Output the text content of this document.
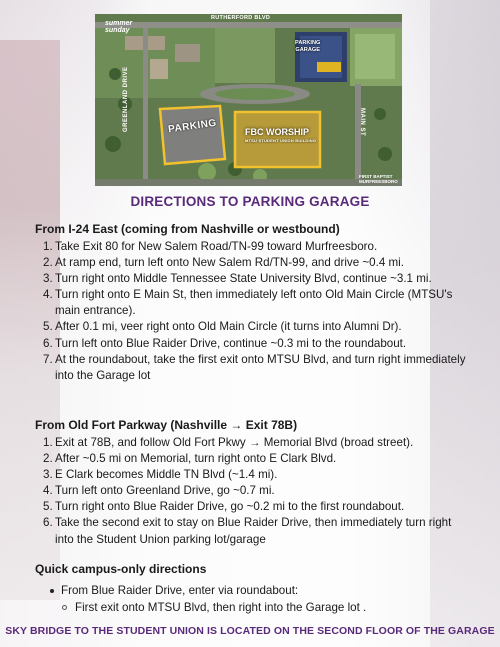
summer
sunday
RUTHERFORD BLVD
GREENLAND DRIVE	MAIN ST
PARKING
GARAGE
PARKING	FBC WORSHIP
MTSU STUDENT UNION BUILDING
FIRST BAPTIST
MURFREESBORO
DIRECTIONS TO PARKING GARAGE
From I-24 East (coming from Nashville or westbound)
1. Take Exit 80 for New Salem Road/TN-99 toward Murfreesboro.
2. At ramp end, turn left onto New Salem Rd/TN-99, and drive ~0.4 mi.
3. Turn right onto Middle Tennessee State University Blvd, continue ~3.1 mi.
4. Turn right onto E Main St, then immediately left onto Old Main Circle (MTSU's main entrance).
5. After 0.1 mi, veer right onto Old Main Circle (it turns into Alumni Dr).
6. Turn left onto Blue Raider Drive, continue ~0.3 mi to the roundabout.
7. At the roundabout, take the first exit onto MTSU Blvd, and turn right immediately into the Garage lot
From Old Fort Parkway (Nashville → Exit 78B)
1. Exit at 78B, and follow Old Fort Pkwy → Memorial Blvd (broad street).
2. After ~0.5 mi on Memorial, turn right onto E Clark Blvd.
3. E Clark becomes Middle TN Blvd (~1.4 mi).
4. Turn left onto Greenland Drive, go ~0.7 mi.
5. Turn right onto Blue Raider Drive, go ~0.2 mi to the first roundabout.
6. Take the second exit to stay on Blue Raider Drive, then immediately turn right into the Student Union parking lot/garage
Quick campus-only directions
From Blue Raider Drive, enter via roundabout:
First exit onto MTSU Blvd, then right into the Garage lot .
SKY BRIDGE TO THE STUDENT UNION IS LOCATED ON THE SECOND FLOOR OF THE GARAGE
